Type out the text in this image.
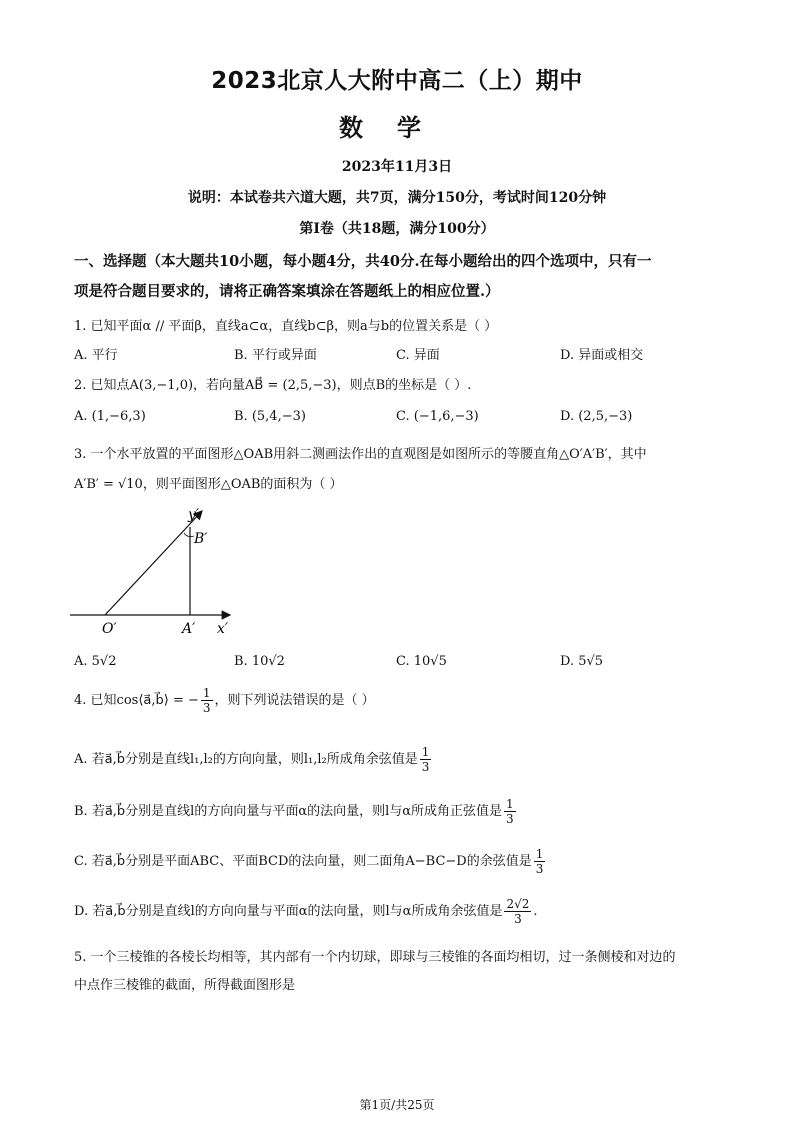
2023北京人大附中高二（上）期中
数学
2023年11月3日
说明：本试卷共六道大题，共7页，满分150分，考试时间120分钟
第I卷（共18题，满分100分）
一、选择题（本大题共10小题，每小题4分，共40分.在每小题给出的四个选项中，只有一
项是符合题目要求的，请将正确答案填涂在答题纸上的相应位置.）
1. 已知平面α // 平面β，直线a⊂α，直线b⊂β，则a与b的位置关系是（ ）
A. 平行	B. 平行或异面	C. 异面	D. 异面或相交
2. 已知点A(3,−1,0)，若向量AB⃗ = (2,5,−3)，则点B的坐标是（ ）.
A. (1,−6,3)	B. (5,4,−3)	C. (−1,6,−3)	D. (2,5,−3)
3. 一个水平放置的平面图形△OAB用斜二测画法作出的直观图是如图所示的等腰直角△O′A′B′，其中
A′B′ = √10，则平面图形△OAB的面积为（ ）
y′
B′
O′	A′ x′
A. 5√2	B. 10√2	C. 10√5	D. 5√5
4. 已知cos⟨a⃗,b⃗⟩ = − $\frac{1}{3}$ ，则下列说法错误的是（ ）
A. 若a⃗,b⃗分别是直线l₁,l₂的方向向量，则l₁,l₂所成角余弦值是 $\frac{1}{3}$
B. 若a⃗,b⃗分别是直线l的方向向量与平面α的法向量，则l与α所成角正弦值是 $\frac{1}{3}$
C. 若a⃗,b⃗分别是平面ABC、平面BCD的法向量，则二面角A−BC−D的余弦值是 $\frac{1}{3}$
D. 若a⃗,b⃗分别是直线l的方向向量与平面α的法向量，则l与α所成角余弦值是 $\frac{2√2}{3}$ .
5. 一个三棱锥的各棱长均相等，其内部有一个内切球，即球与三棱锥的各面均相切，过一条侧棱和对边的
中点作三棱锥的截面，所得截面图形是
第1页/共25页
